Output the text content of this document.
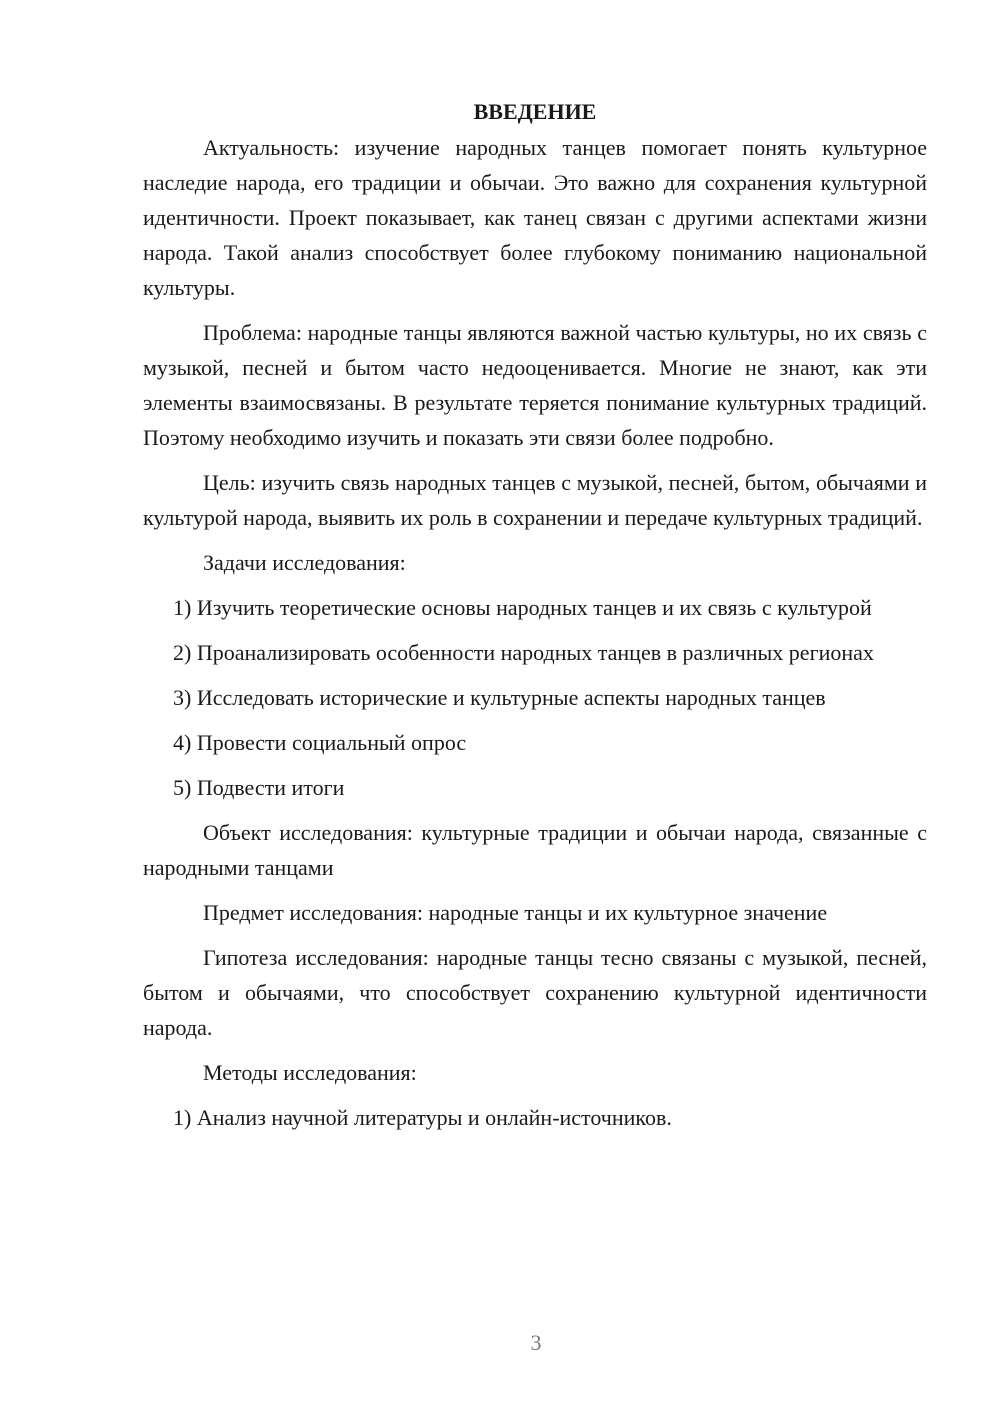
ВВЕДЕНИЕ

Актуальность: изучение народных танцев помогает понять культурное наследие народа, его традиции и обычаи. Это важно для сохранения культурной идентичности. Проект показывает, как танец связан с другими аспектами жизни народа. Такой анализ способствует более глубокому пониманию национальной культуры.

Проблема: народные танцы являются важной частью культуры, но их связь с музыкой, песней и бытом часто недооценивается. Многие не знают, как эти элементы взаимосвязаны. В результате теряется понимание культурных традиций. Поэтому необходимо изучить и показать эти связи более подробно.

Цель: изучить связь народных танцев с музыкой, песней, бытом, обычаями и культурой народа, выявить их роль в сохранении и передаче культурных традиций.

Задачи исследования:

1) Изучить теоретические основы народных танцев и их связь с культурой

2) Проанализировать особенности народных танцев в различных регионах

3) Исследовать исторические и культурные аспекты народных танцев

4) Провести социальный опрос

5) Подвести итоги

Объект исследования: культурные традиции и обычаи народа, связанные с народными танцами

Предмет исследования: народные танцы и их культурное значение

Гипотеза исследования: народные танцы тесно связаны с музыкой, песней, бытом и обычаями, что способствует сохранению культурной идентичности народа.

Методы исследования:

1) Анализ научной литературы и онлайн-источников.

3
